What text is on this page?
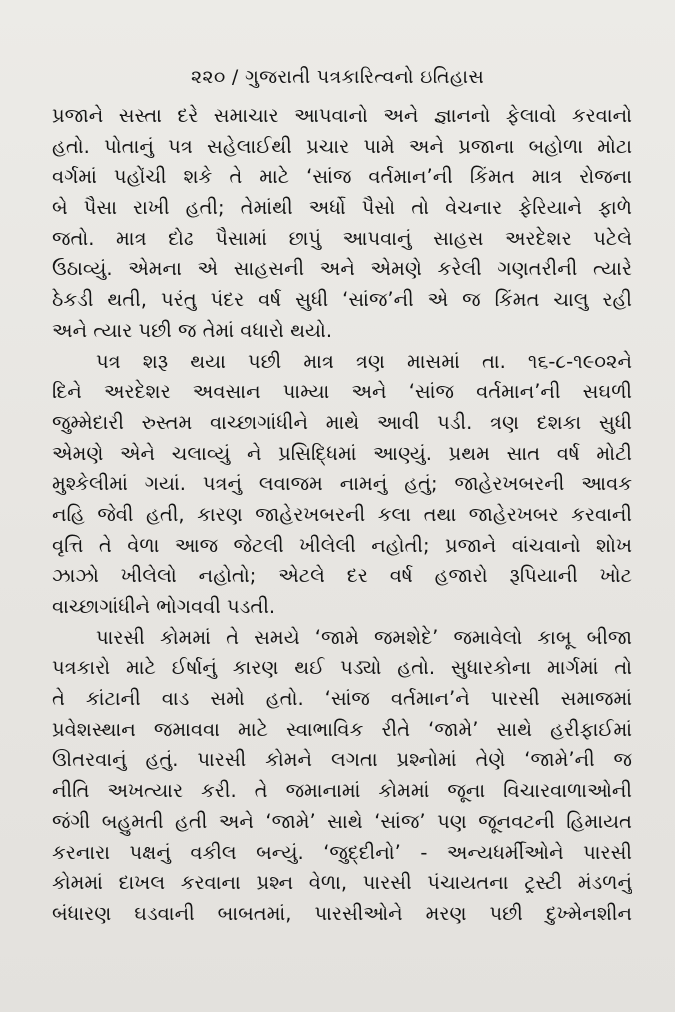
૨૨૦ / ગુજરાતી પત્રકારિત્વનો ઇતિહાસ
પ્રજાને સસ્તા દરે સમાચાર આપવાનો અને જ્ઞાનનો ફેલાવો કરવાનો
હતો. પોતાનું પત્ર સહેલાઈથી પ્રચાર પામે અને પ્રજાના બહોળા મોટા
વર્ગમાં પહોંચી શકે તે માટે ‘સાંજ વર્તમાન’ની કિંમત માત્ર રોજના
બે પૈસા રાખી હતી; તેમાંથી અર્ધો પૈસો તો વેચનાર ફેરિયાને ફાળે
જતો. માત્ર દોઢ પૈસામાં છાપું આપવાનું સાહસ અરદેશર પટેલે
ઉઠાવ્યું. એમના એ સાહસની અને એમણે કરેલી ગણતરીની ત્યારે
ઠેકડી થતી, પરંતુ પંદર વર્ષ સુધી ‘સાંજ’ની એ જ કિંમત ચાલુ રહી
અને ત્યાર પછી જ તેમાં વધારો થયો.
પત્ર શરૂ થયા પછી માત્ર ત્રણ માસમાં તા. ૧૬-૮-૧૯૦૨ને
દિને અરદેશર અવસાન પામ્યા અને ‘સાંજ વર્તમાન’ની સઘળી
જુમ્મેદારી રુસ્તમ વાચ્છાગાંધીને માથે આવી પડી. ત્રણ દશકા સુધી
એમણે એને ચલાવ્યું ને પ્રસિદ્ધિમાં આણ્યું. પ્રથમ સાત વર્ષ મોટી
મુશ્કેલીમાં ગયાં. પત્રનું લવાજમ નામનું હતું; જાહેરખબરની આવક
નહિ જેવી હતી, કારણ જાહેરખબરની કલા તથા જાહેરખબર કરવાની
વૃત્તિ તે વેળા આજ જેટલી ખીલેલી નહોતી; પ્રજાને વાંચવાનો શોખ
ઝાઝો ખીલેલો નહોતો; એટલે દર વર્ષ હજારો રૂપિયાની ખોટ
વાચ્છાગાંધીને ભોગવવી પડતી.
પારસી કોમમાં તે સમયે ‘જામે જમશેદે’ જમાવેલો કાબૂ બીજા
પત્રકારો માટે ઈર્ષાનું કારણ થઈ પડ્યો હતો. સુધારકોના માર્ગમાં તો
તે કાંટાની વાડ સમો હતો. ‘સાંજ વર્તમાન’ને પારસી સમાજમાં
પ્રવેશસ્થાન જમાવવા માટે સ્વાભાવિક રીતે ‘જામે’ સાથે હરીફાઈમાં
ઊતરવાનું હતું. પારસી કોમને લગતા પ્રશ્નોમાં તેણે ‘જામે’ની જ
નીતિ અખત્યાર કરી. તે જમાનામાં કોમમાં જૂના વિચારવાળાઓની
જંગી બહુમતી હતી અને ‘જામે’ સાથે ‘સાંજ’ પણ જૂનવટની હિમાયત
કરનારા પક્ષનું વકીલ બન્યું. ‘જુદ્દીનો’ - અન્યધર્મીઓને પારસી
કોમમાં દાખલ કરવાના પ્રશ્ન વેળા, પારસી પંચાયતના ટ્રસ્ટી મંડળનું
બંધારણ ઘડવાની બાબતમાં, પારસીઓને મરણ પછી દુખ્મેનશીન
